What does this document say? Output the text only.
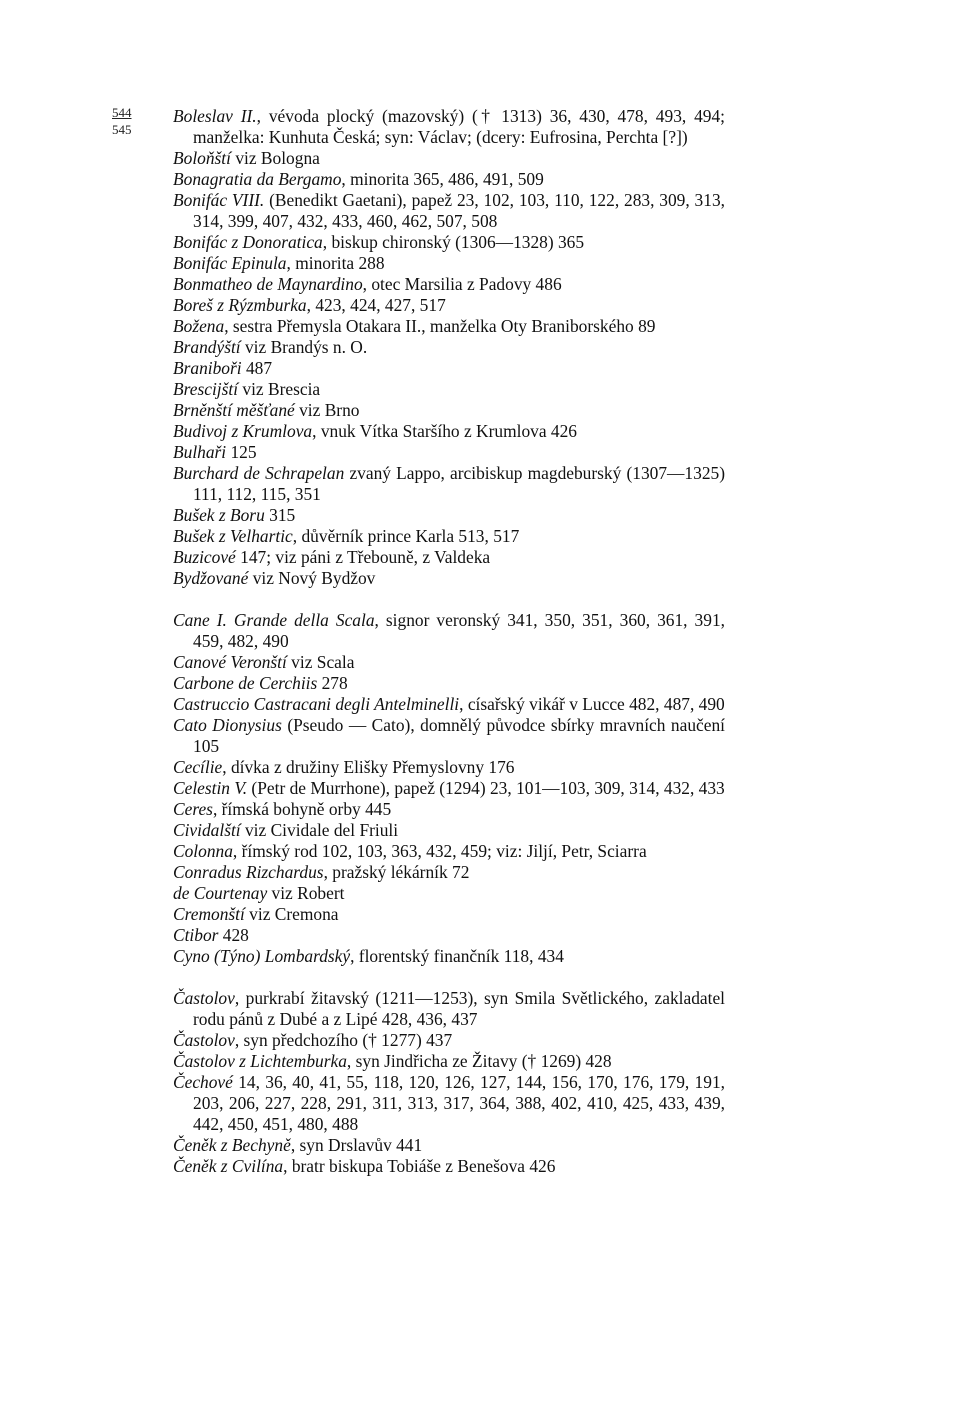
544
545

Boleslav II., vévoda plocký (mazovský) († 1313) 36, 430, 478, 493, 494; manželka: Kunhuta Česká; syn: Václav; (dcery: Eufrosina, Perchta [?])

Boloňští viz Bologna

Bonagratia da Bergamo, minorita 365, 486, 491, 509

Bonifác VIII. (Benedikt Gaetani), papež 23, 102, 103, 110, 122, 283, 309, 313, 314, 399, 407, 432, 433, 460, 462, 507, 508

Bonifác z Donoratica, biskup chironský (1306—1328) 365

Bonifác Epinula, minorita 288

Bonmatheo de Maynardino, otec Marsilia z Padovy 486

Boreš z Rýzmburka, 423, 424, 427, 517

Božena, sestra Přemysla Otakara II., manželka Oty Braniborského 89

Brandýští viz Brandýs n. O.

Braniboři 487

Brescijští viz Brescia

Brněnští měšťané viz Brno

Budivoj z Krumlova, vnuk Vítka Staršího z Krumlova 426

Bulhaři 125

Burchard de Schrapelan zvaný Lappo, arcibiskup magdeburský (1307—1325) 111, 112, 115, 351

Bušek z Boru 315

Bušek z Velhartic, důvěrník prince Karla 513, 517

Buzicové 147; viz páni z Třebouně, z Valdeka

Bydžované viz Nový Bydžov

Cane I. Grande della Scala, signor veronský 341, 350, 351, 360, 361, 391, 459, 482, 490

Canové Veronští viz Scala

Carbone de Cerchiis 278

Castruccio Castracani degli Antelminelli, císařský vikář v Lucce 482, 487, 490

Cato Dionysius (Pseudo — Cato), domnělý původce sbírky mravních naučení 105

Cecílie, dívka z družiny Elišky Přemyslovny 176

Celestin V. (Petr de Murrhone), papež (1294) 23, 101—103, 309, 314, 432, 433

Ceres, římská bohyně orby 445

Cividalští viz Cividale del Friuli

Colonna, římský rod 102, 103, 363, 432, 459; viz: Jiljí, Petr, Sciarra

Conradus Rizchardus, pražský lékárník 72

de Courtenay viz Robert

Cremonští viz Cremona

Ctibor 428

Cyno (Týno) Lombardský, florentský finančník 118, 434

Častolov, purkrabí žitavský (1211—1253), syn Smila Světlického, zakladatel rodu pánů z Dubé a z Lipé 428, 436, 437

Častolov, syn předchozího († 1277) 437

Častolov z Lichtemburka, syn Jindřicha ze Žitavy († 1269) 428

Čechové 14, 36, 40, 41, 55, 118, 120, 126, 127, 144, 156, 170, 176, 179, 191, 203, 206, 227, 228, 291, 311, 313, 317, 364, 388, 402, 410, 425, 433, 439, 442, 450, 451, 480, 488

Čeněk z Bechyně, syn Drslavův 441

Čeněk z Cvilína, bratr biskupa Tobiáše z Benešova 426
